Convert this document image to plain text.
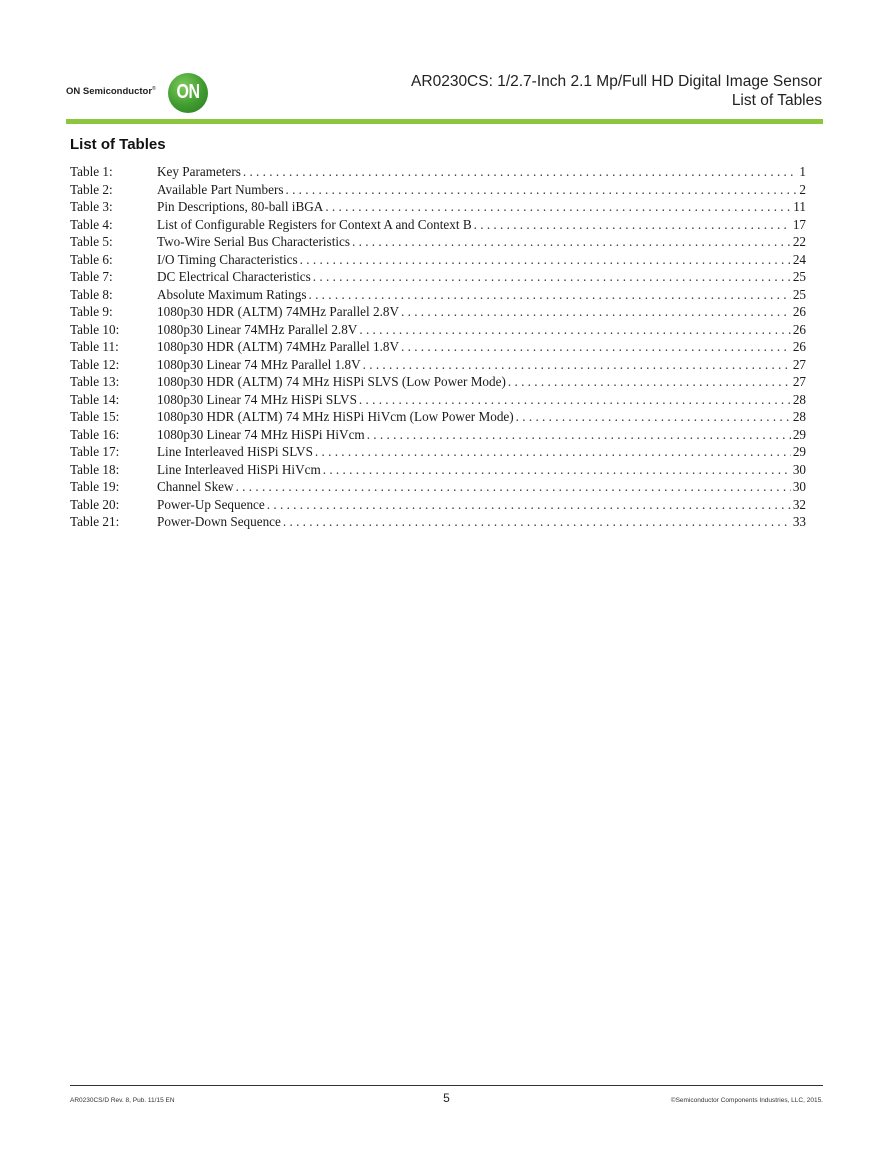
ON Semiconductor® ON
AR0230CS: 1/2.7-Inch 2.1 Mp/Full HD Digital Image Sensor
List of Tables
List of Tables
Table 1:	Key Parameters . . .	1
Table 2:	Available Part Numbers . . .	2
Table 3:	Pin Descriptions, 80-ball iBGA . . .	11
Table 4:	List of Configurable Registers for Context A and Context B . . .	17
Table 5:	Two-Wire Serial Bus Characteristics . . .	22
Table 6:	I/O Timing Characteristics . . .	24
Table 7:	DC Electrical Characteristics . . .	25
Table 8:	Absolute Maximum Ratings . . .	25
Table 9:	1080p30 HDR (ALTM) 74MHz Parallel 2.8V . . .	26
Table 10:	1080p30 Linear 74MHz Parallel 2.8V . . .	26
Table 11:	1080p30 HDR (ALTM) 74MHz Parallel 1.8V . . .	26
Table 12:	1080p30 Linear 74 MHz Parallel 1.8V . . .	27
Table 13:	1080p30 HDR (ALTM) 74 MHz HiSPi SLVS (Low Power Mode) . . .	27
Table 14:	1080p30 Linear 74 MHz HiSPi SLVS . . .	28
Table 15:	1080p30 HDR (ALTM) 74 MHz HiSPi HiVcm (Low Power Mode) . . .	28
Table 16:	1080p30 Linear 74 MHz HiSPi HiVcm . . .	29
Table 17:	Line Interleaved HiSPi SLVS . . .	29
Table 18:	Line Interleaved HiSPi HiVcm . . .	30
Table 19:	Channel Skew . . .	30
Table 20:	Power-Up Sequence . . .	32
Table 21:	Power-Down Sequence . . .	33
AR0230CS/D Rev. 8, Pub. 11/15 EN	5	©Semiconductor Components Industries, LLC, 2015.
